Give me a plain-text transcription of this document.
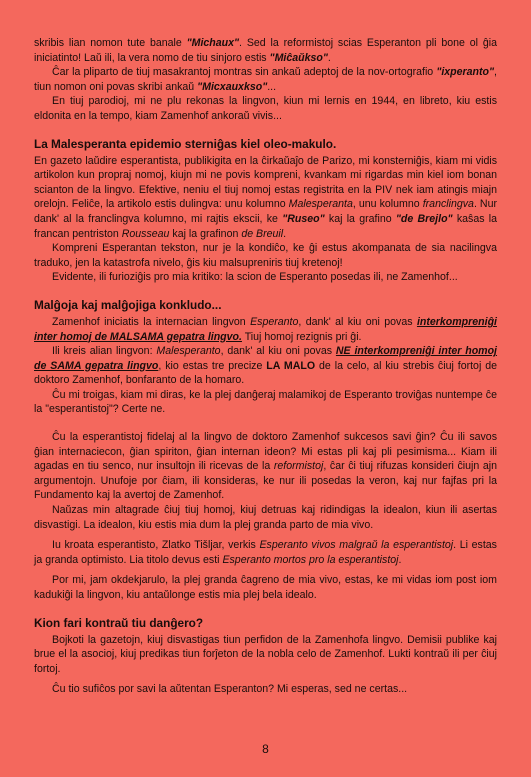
skribis lian nomon tute banale "Michaux". Sed la reformistoj scias Esperanton pli bone ol ĝia iniciatinto! Laŭ ili, la vera nomo de tiu sinjoro estis "Miĉaŭkso".

Ĉar la pliparto de tiuj masakrantoj montras sin ankaŭ adeptoj de la nov-ortografio "ixperanto", tiun nomon oni povas skribi ankaŭ "Micxauxkso"...

En tiuj parodioj, mi ne plu rekonas la lingvon, kiun mi lernis en 1944, en libreto, kiu estis eldonita en la tempo, kiam Zamenhof ankoraŭ vivis...

La Malesperanta epidemio sterniĝas kiel oleo-makulo.

En gazeto laŭdire esperantista, publikigita en la ĉirkaŭaĵo de Parizo, mi konsterniĝis, kiam mi vidis artikolon kun propraj nomoj, kiujn mi ne povis kompreni, kvankam mi rigardas min kiel iom bonan scianton de la lingvo. Efektive, neniu el tiuj nomoj estas registrita en la PIV nek iam atingis miajn orelojn. Feliĉe, la artikolo estis dulingva: unu kolumno Malesperanta, unu kolumno franclingva. Nur dank' al la franclingva kolumno, mi rajtis ekscii, ke "Ruseo" kaj la grafino "de Brejlo" kaŝas la francan pentriston Rousseau kaj la grafinon de Breuil.

Kompreni Esperantan tekston, nur je la kondiĉo, ke ĝi estus akompanata de sia nacilingva traduko, jen la katastrofa nivelo, ĝis kiu malsupreniris tiuj kretenoj!

Evidente, ili furioziĝis pro mia kritiko: la scion de Esperanto posedas ili, ne Zamenhof...

Malĝoja kaj malĝojiga konkludo...

Zamenhof iniciatis la internacian lingvon Esperanto, dank' al kiu oni povas interkompreniĝi inter homoj de MALSAMA gepatra lingvo. Tiuj homoj rezignis pri ĝi.

Ili kreis alian lingvon: Malesperanto, dank' al kiu oni povas NE interkompreniĝi inter homoj de SAMA gepatra lingvo, kio estas tre precize LA MALO de la celo, al kiu strebis ĉiuj fortoj de doktoro Zamenhof, bonfaranto de la homaro.

Ĉu mi troigas, kiam mi diras, ke la plej danĝeraj malamikoj de Esperanto troviĝas nuntempe ĉe la "esperantistoj"? Certe ne.

Ĉu la esperantistoj fidelaj al la lingvo de doktoro Zamenhof sukcesos savi ĝin? Ĉu ili savos ĝian internaciecon, ĝian spiriton, ĝian internan ideon? Mi estas pli kaj pli pesimisma... Kiam ili agadas en tiu senco, nur insultojn ili ricevas de la reformistoj, ĉar ĉi tiuj rifuzas konsideri ĉiujn ajn argumentojn. Unufoje por ĉiam, ili konsideras, ke nur ili posedas la veron, kaj nur fajfas pri la Fundamento kaj la avertoj de Zamenhof.

Naŭzas min altagrade ĉiuj tiuj homoj, kiuj detruas kaj ridindigas la idealon, kiun ili asertas disvastigi. La idealon, kiu estis mia dum la plej granda parto de mia vivo.

Iu kroata esperantisto, Zlatko Tišljar, verkis Esperanto vivos malgraŭ la esperantistoj. Li estas ja granda optimisto. Lia titolo devus esti Esperanto mortos pro la esperantistoj.

Por mi, jam okdekjarulo, la plej granda ĉagreno de mia vivo, estas, ke mi vidas iom post iom kadukiĝi la lingvon, kiu antaŭlonge estis mia plej bela idealo.

Kion fari kontraŭ tiu danĝero?

Bojkoti la gazetojn, kiuj disvastigas tiun perfidon de la Zamenhofa lingvo. Demisii publike kaj brue el la asocioj, kiuj predikas tiun forĵeton de la nobla celo de Zamenhof. Lukti kontraŭ ili per ĉiuj fortoj.

Ĉu tio sufiĉos por savi la aŭtentan Esperanton? Mi esperas, sed ne certas...

8
